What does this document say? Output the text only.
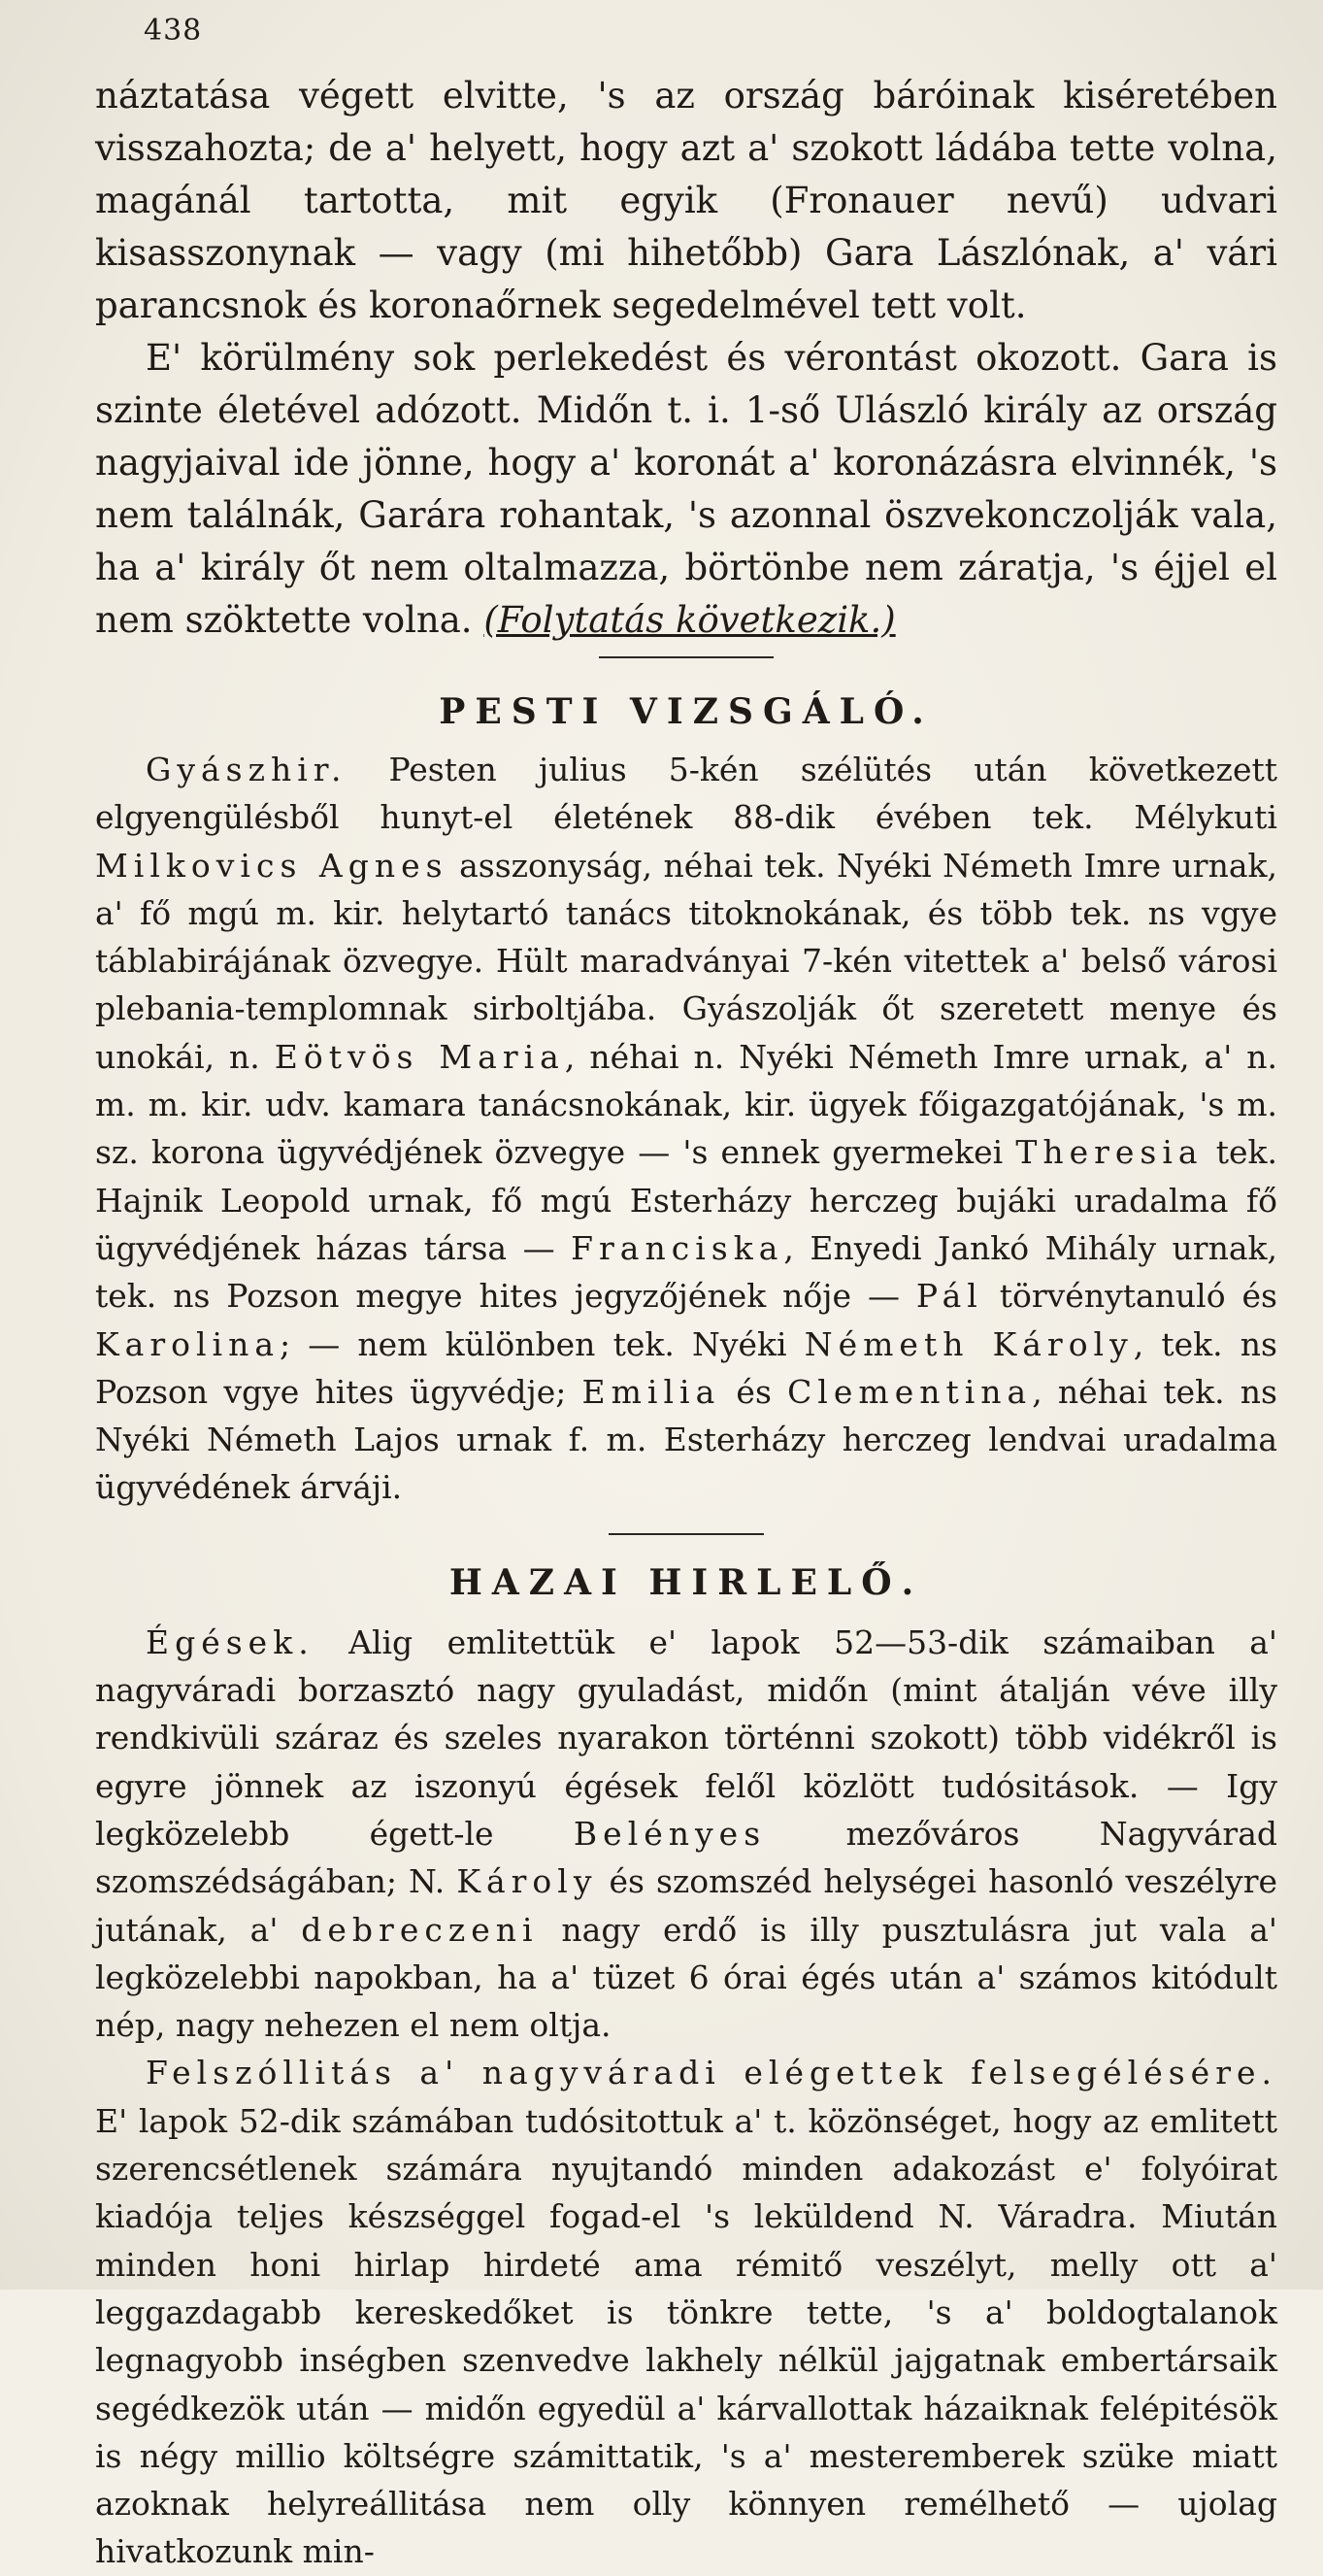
438

náztatása végett elvitte, 's az ország báróinak kiséretében visszahozta; de a' helyett, hogy azt a' szokott ládába tette volna, magánál tartotta, mit egyik (Fronauer nevű) udvari kisasszonynak — vagy (mi hihetőbb) Gara Lászlónak, a' vári parancsnok és koronaőrnek segedelmével tett volt.

E' körülmény sok perlekedést és vérontást okozott. Gara is szinte életével adózott. Midőn t. i. 1-ső Ulászló király az ország nagyjaival ide jönne, hogy a' koronát a' koronázásra elvinnék, 's nem találnák, Garára rohantak, 's azonnal öszvekonczolják vala, ha a' király őt nem oltalmazza, börtönbe nem záratja, 's éjjel el nem szöktette volna. (Folytatás következik.)

PESTI VIZSGÁLÓ.

Gyászhir. Pesten julius 5-kén szélütés után következett elgyengülésből hunyt-el életének 88-dik évében tek. Mélykuti Milkovics Agnes asszonyság, néhai tek. Nyéki Németh Imre urnak, a' fő mgú m. kir. helytartó tanács titoknokának, és több tek. ns vgye táblabirájának özvegye. Hült maradványai 7-kén vitettek a' belső városi plebania-templomnak sirboltjába. Gyászolják őt szeretett menye és unokái, n. Eötvös Maria, néhai n. Nyéki Németh Imre urnak, a' n. m. m. kir. udv. kamara tanácsnokának, kir. ügyek főigazgatójának, 's m. sz. korona ügyvédjének özvegye — 's ennek gyermekei Theresia tek. Hajnik Leopold urnak, fő mgú Esterházy herczeg bujáki uradalma fő ügyvédjének házas társa — Franciska, Enyedi Jankó Mihály urnak, tek. ns Pozson megye hites jegyzőjének nője — Pál törvénytanuló és Karolina; — nem különben tek. Nyéki Németh Károly, tek. ns Pozson vgye hites ügyvédje; Emilia és Clementina, néhai tek. ns Nyéki Németh Lajos urnak f. m. Esterházy herczeg lendvai uradalma ügyvédének árváji.

HAZAI HIRLELŐ.

Égések. Alig emlitettük e' lapok 52—53-dik számaiban a' nagyváradi borzasztó nagy gyuladást, midőn (mint átalján véve illy rendkivüli száraz és szeles nyarakon történni szokott) több vidékről is egyre jönnek az iszonyú égések felől közlött tudósitások. — Igy legközelebb égett-le Belényes mezőváros Nagyvárad szomszédságában; N. Károly és szomszéd helységei hasonló veszélyre jutának, a' debreczeni nagy erdő is illy pusztulásra jut vala a' legközelebbi napokban, ha a' tüzet 6 órai égés után a' számos kitódult nép, nagy nehezen el nem oltja.

Felszóllitás a' nagyváradi elégettek felsegélésére. E' lapok 52-dik számában tudósitottuk a' t. közönséget, hogy az emlitett szerencsétlenek számára nyujtandó minden adakozást e' folyóirat kiadója teljes készséggel fogad-el 's leküldend N. Váradra. Miután minden honi hirlap hirdeté ama rémitő veszélyt, melly ott a' leggazdagabb kereskedőket is tönkre tette, 's a' boldogtalanok legnagyobb inségben szenvedve lakhely nélkül jajgatnak embertársaik segédkezök után — midőn egyedül a' kárvallottak házaiknak felépitésök is négy millio költségre számittatik, 's a' mesteremberek szüke miatt azoknak helyreállitása nem olly könnyen remélhető — ujolag hivatkozunk min-
